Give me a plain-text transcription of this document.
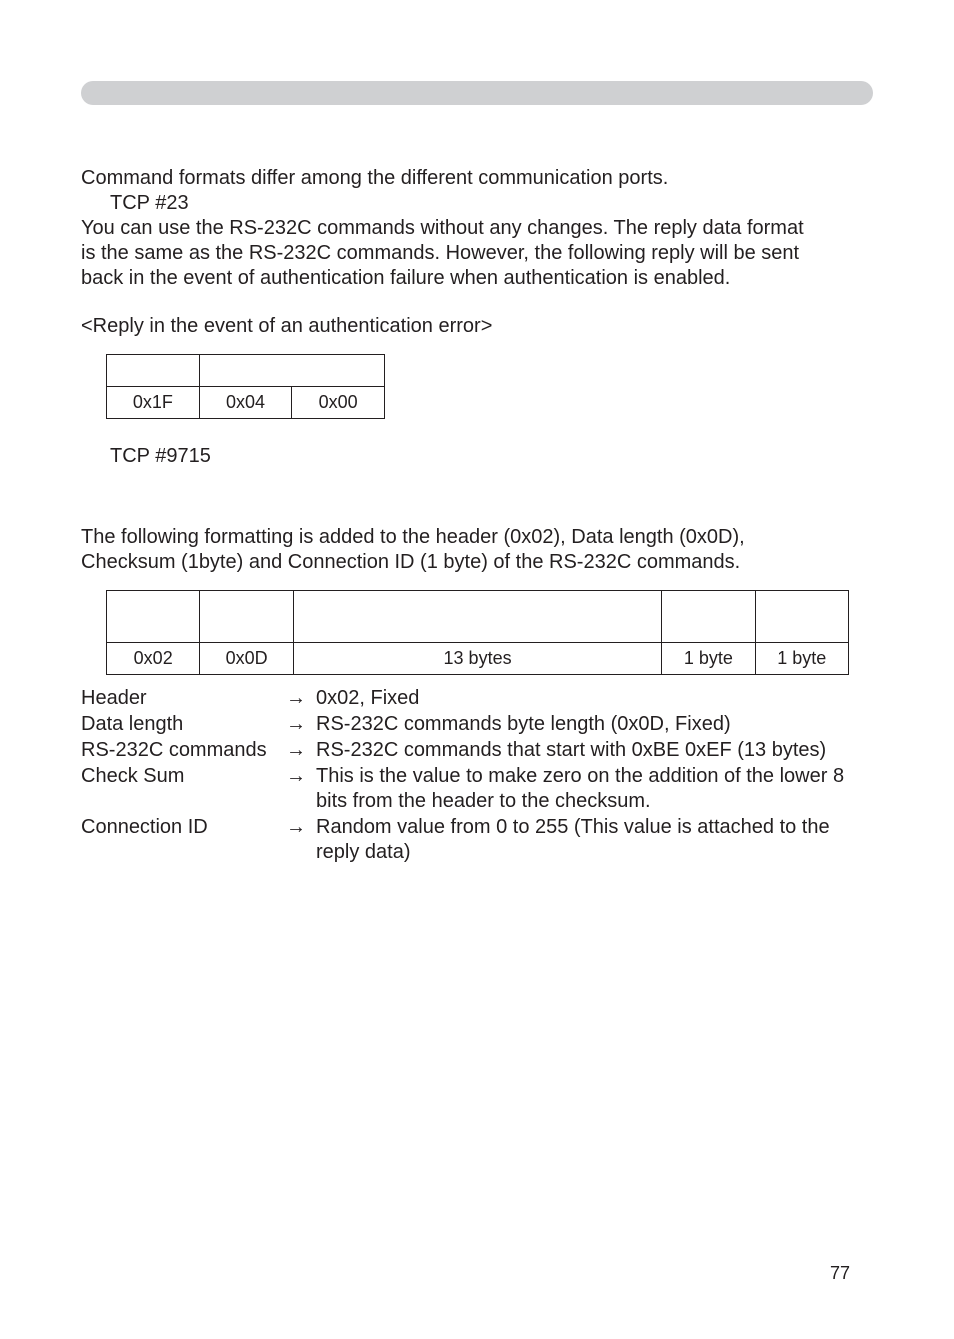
Command formats differ among the different communication ports.
TCP #23
You can use the RS-232C commands without any changes. The reply data format
is the same as the RS-232C commands. However, the following reply will be sent
back in the event of authentication failure when authentication is enabled.
<Reply in the event of an authentication error>

0x1F	0x04	0x00
TCP #9715
The following formatting is added to the header (0x02), Data length (0x0D),
Checksum (1byte) and Connection ID (1 byte) of the RS-232C commands.

0x02	0x0D	13 bytes	1 byte	1 byte
Header	→ 0x02, Fixed
Data length	→ RS-232C commands byte length (0x0D, Fixed)
RS-232C commands → RS-232C commands that start with 0xBE 0xEF (13 bytes)
Check Sum	→ This is the value to make zero on the addition of the lower 8 bits from the header to the checksum.
Connection ID	→ Random value from 0 to 255 (This value is attached to the reply data)
77
